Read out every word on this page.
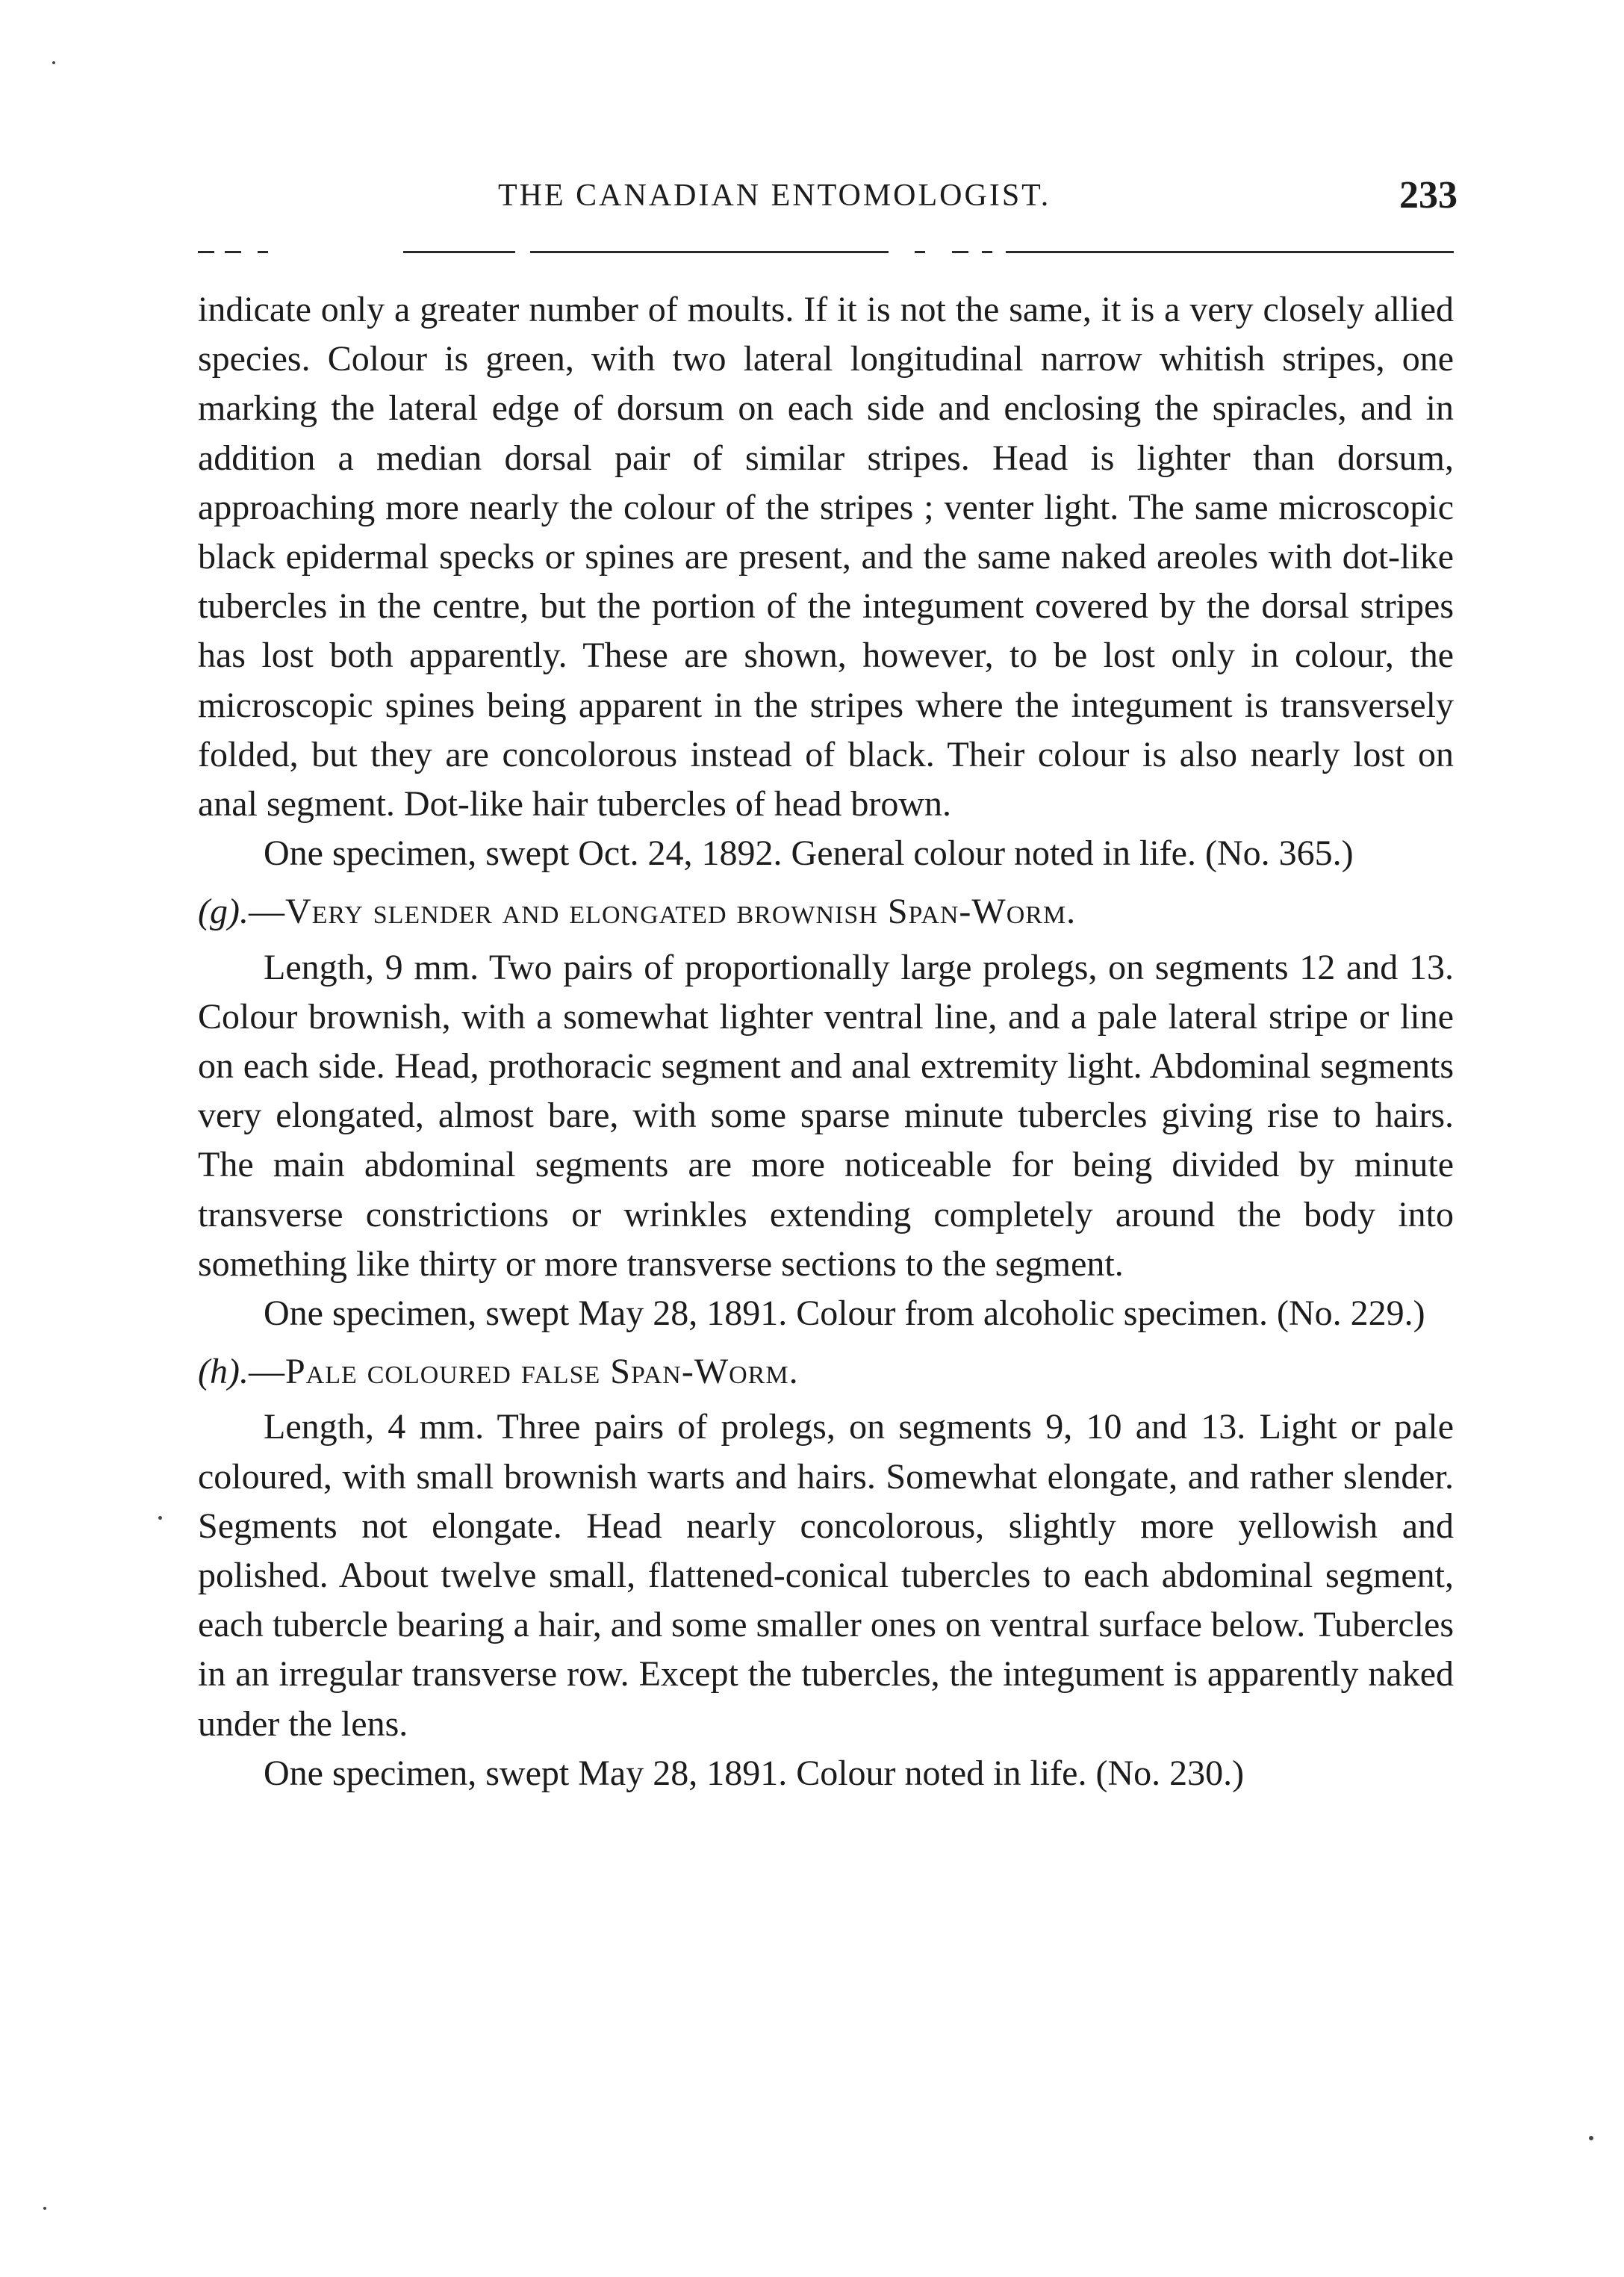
THE CANADIAN ENTOMOLOGIST.	233

indicate only a greater number of moults. If it is not the same, it is a very closely allied species. Colour is green, with two lateral longitudinal narrow whitish stripes, one marking the lateral edge of dorsum on each side and enclosing the spiracles, and in addition a median dorsal pair of similar stripes. Head is lighter than dorsum, approaching more nearly the colour of the stripes ; venter light. The same microscopic black epidermal specks or spines are present, and the same naked areoles with dot-like tubercles in the centre, but the portion of the integument covered by the dorsal stripes has lost both apparently. These are shown, however, to be lost only in colour, the microscopic spines being apparent in the stripes where the integument is transversely folded, but they are concolorous instead of black. Their colour is also nearly lost on anal segment. Dot-like hair tubercles of head brown.

One specimen, swept Oct. 24, 1892. General colour noted in life. (No. 365.)

(g).—Very slender and elongated brownish Span-Worm.

Length, 9 mm. Two pairs of proportionally large prolegs, on segments 12 and 13. Colour brownish, with a somewhat lighter ventral line, and a pale lateral stripe or line on each side. Head, prothoracic segment and anal extremity light. Abdominal segments very elongated, almost bare, with some sparse minute tubercles giving rise to hairs. The main abdominal segments are more noticeable for being divided by minute transverse constrictions or wrinkles extending completely around the body into something like thirty or more transverse sections to the segment.

One specimen, swept May 28, 1891. Colour from alcoholic specimen. (No. 229.)

(h).—Pale coloured false Span-Worm.

Length, 4 mm. Three pairs of prolegs, on segments 9, 10 and 13. Light or pale coloured, with small brownish warts and hairs. Somewhat elongate, and rather slender. Segments not elongate. Head nearly concolorous, slightly more yellowish and polished. About twelve small, flattened-conical tubercles to each abdominal segment, each tubercle bearing a hair, and some smaller ones on ventral surface below. Tubercles in an irregular transverse row. Except the tubercles, the integument is apparently naked under the lens.

One specimen, swept May 28, 1891. Colour noted in life. (No. 230.)
